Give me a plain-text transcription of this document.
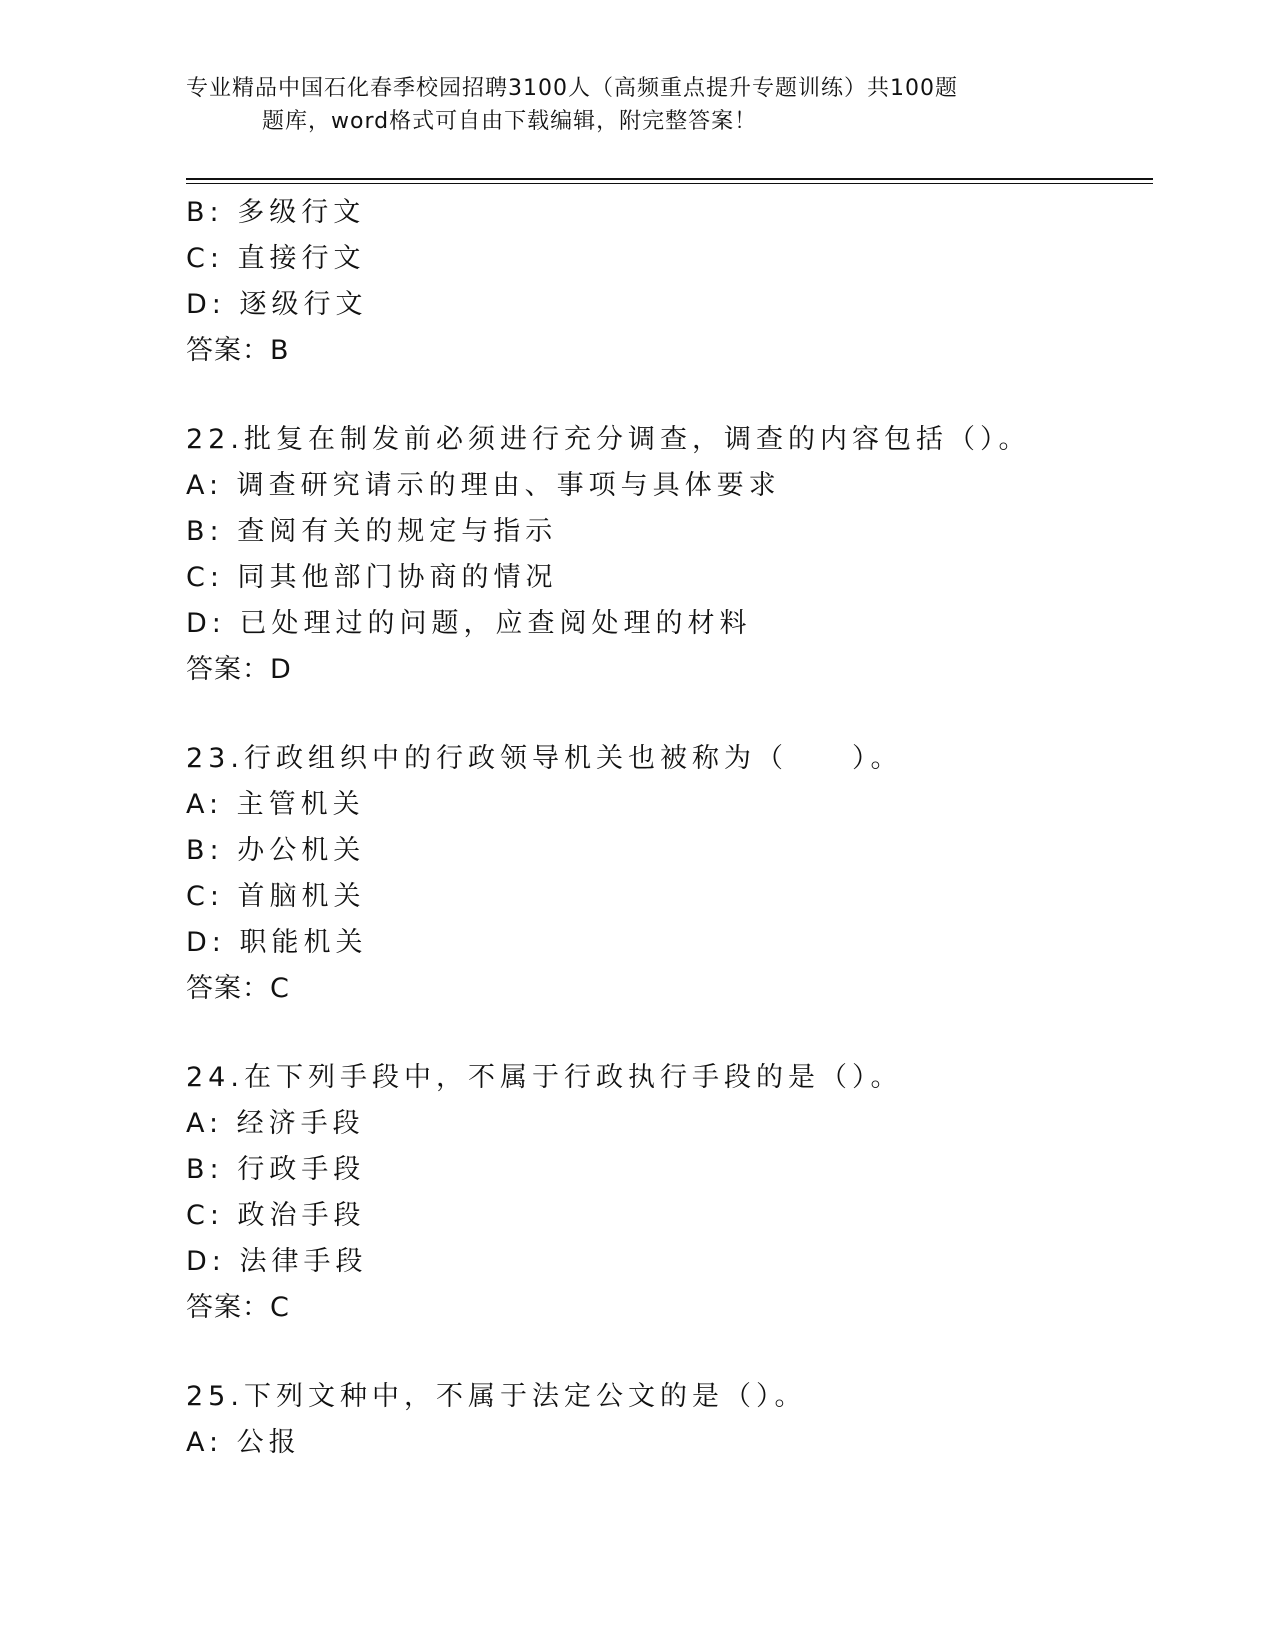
专业精品中国石化春季校园招聘3100人（高频重点提升专题训练）共100题
题库，word格式可自由下载编辑，附完整答案！
B: 多级行文
C: 直接行文
D: 逐级行文
答案：B
22.批复在制发前必须进行充分调查，调查的内容包括（）。
A: 调查研究请示的理由、事项与具体要求
B: 查阅有关的规定与指示
C: 同其他部门协商的情况
D: 已处理过的问题，应查阅处理的材料
答案：D
23.行政组织中的行政领导机关也被称为（　　）。
A: 主管机关
B: 办公机关
C: 首脑机关
D: 职能机关
答案：C
24.在下列手段中，不属于行政执行手段的是（）。
A: 经济手段
B: 行政手段
C: 政治手段
D: 法律手段
答案：C
25.下列文种中，不属于法定公文的是（）。
A: 公报
